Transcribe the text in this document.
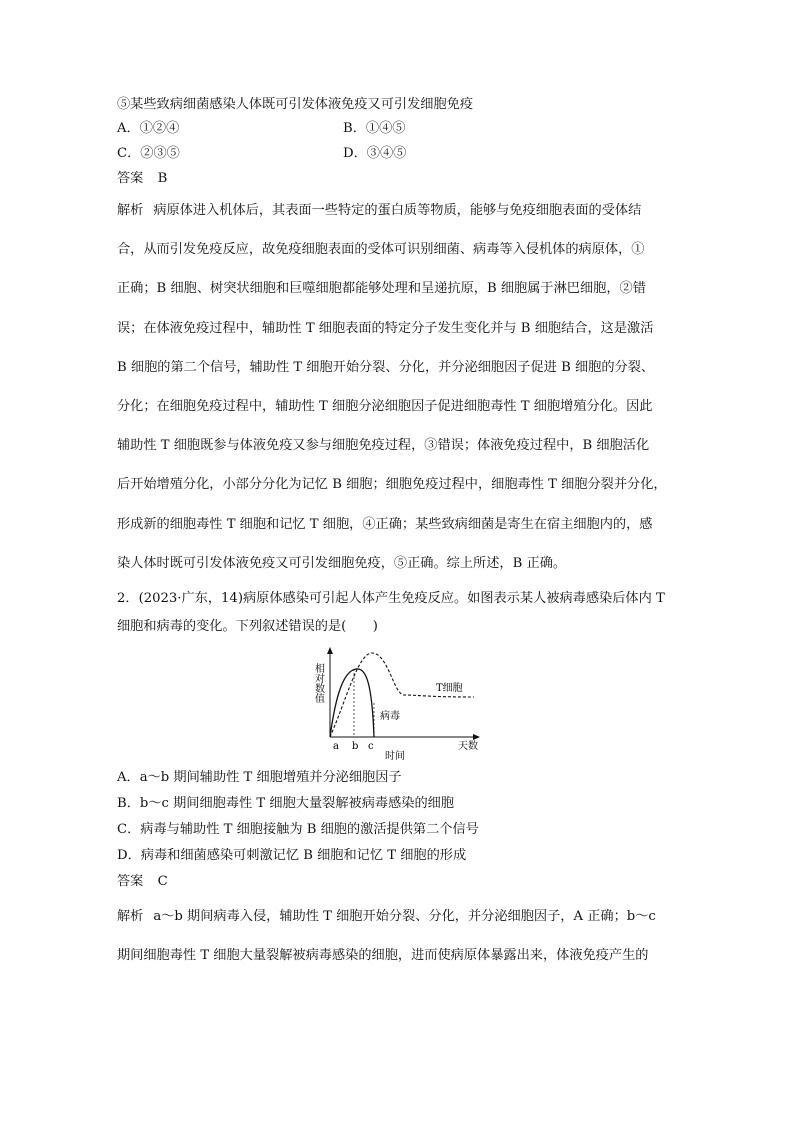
⑤某些致病细菌感染人体既可引发体液免疫又可引发细胞免疫
A．①②④	B．①④⑤
C．②③⑤	D．③④⑤
答案 B
解析 病原体进入机体后，其表面一些特定的蛋白质等物质，能够与免疫细胞表面的受体结
合，从而引发免疫反应，故免疫细胞表面的受体可识别细菌、病毒等入侵机体的病原体，①
正确；B 细胞、树突状细胞和巨噬细胞都能够处理和呈递抗原，B 细胞属于淋巴细胞，②错
误；在体液免疫过程中，辅助性 T 细胞表面的特定分子发生变化并与 B 细胞结合，这是激活
B 细胞的第二个信号，辅助性 T 细胞开始分裂、分化，并分泌细胞因子促进 B 细胞的分裂、
分化；在细胞免疫过程中，辅助性 T 细胞分泌细胞因子促进细胞毒性 T 细胞增殖分化。因此
辅助性 T 细胞既参与体液免疫又参与细胞免疫过程，③错误；体液免疫过程中，B 细胞活化
后开始增殖分化，小部分分化为记忆 B 细胞；细胞免疫过程中，细胞毒性 T 细胞分裂并分化，
形成新的细胞毒性 T 细胞和记忆 T 细胞，④正确；某些致病细菌是寄生在宿主细胞内的，感
染人体时既可引发体液免疫又可引发细胞免疫，⑤正确。综上所述，B 正确。
2．(2023·广东，14)病原体感染可引起人体产生免疫反应。如图表示某人被病毒感染后体内 T
细胞和病毒的变化。下列叙述错误的是(　　)
相对数值
a b c
时间
天数
T细胞
病毒
A．a～b 期间辅助性 T 细胞增殖并分泌细胞因子
B．b～c 期间细胞毒性 T 细胞大量裂解被病毒感染的细胞
C．病毒与辅助性 T 细胞接触为 B 细胞的激活提供第二个信号
D．病毒和细菌感染可刺激记忆 B 细胞和记忆 T 细胞的形成
答案 C
解析 a～b 期间病毒入侵，辅助性 T 细胞开始分裂、分化，并分泌细胞因子，A 正确；b～c
期间细胞毒性 T 细胞大量裂解被病毒感染的细胞，进而使病原体暴露出来，体液免疫产生的
